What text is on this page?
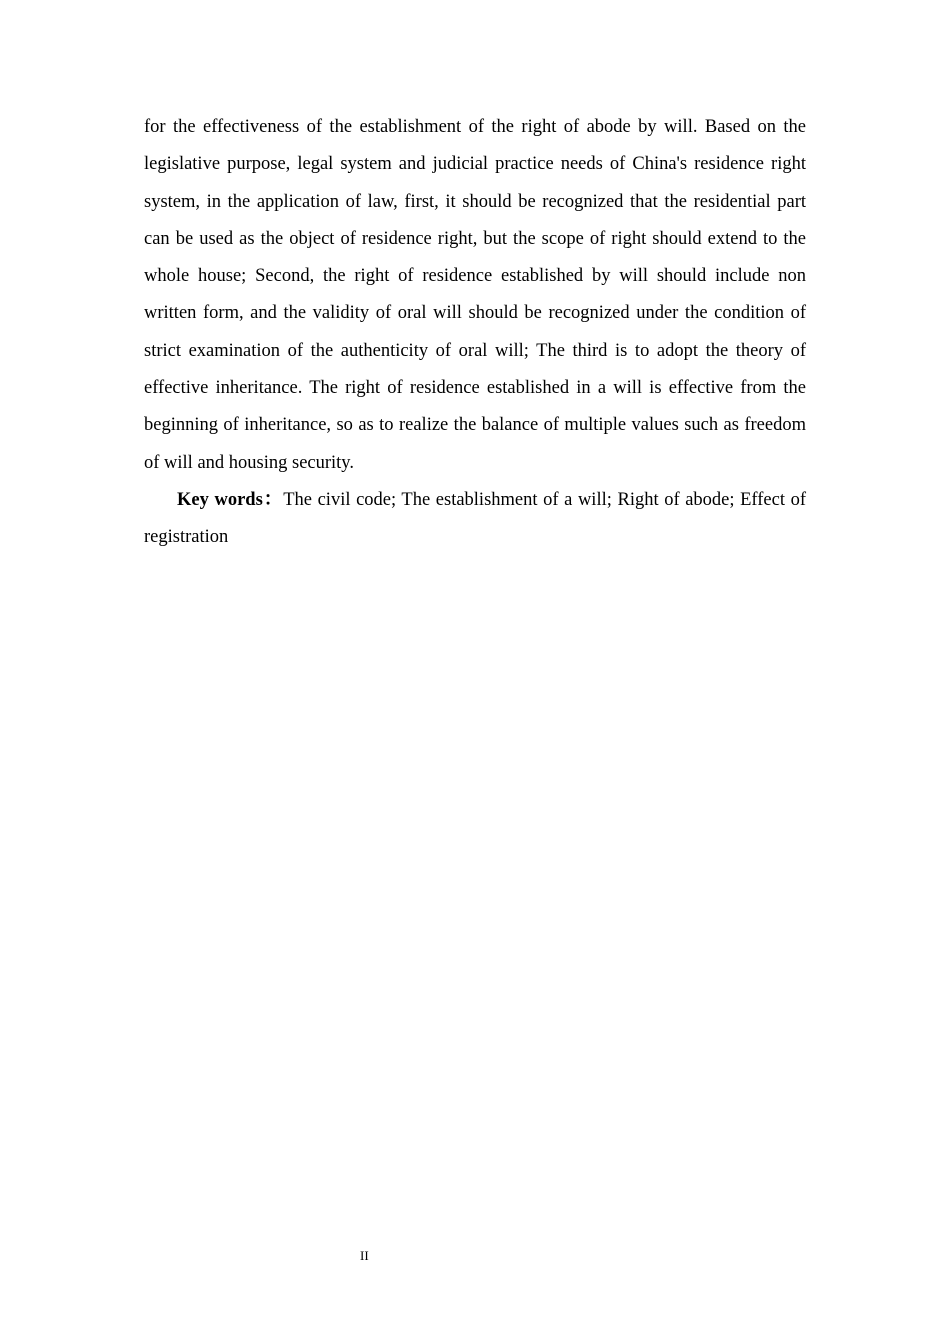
for the effectiveness of the establishment of the right of abode by will. Based on the legislative purpose, legal system and judicial practice needs of China's residence right system, in the application of law, first, it should be recognized that the residential part can be used as the object of residence right, but the scope of right should extend to the whole house; Second, the right of residence established by will should include non written form, and the validity of oral will should be recognized under the condition of strict examination of the authenticity of oral will; The third is to adopt the theory of effective inheritance. The right of residence established in a will is effective from the beginning of inheritance, so as to realize the balance of multiple values such as freedom of will and housing security.

Key words：The civil code; The establishment of a will; Right of abode; Effect of registration

II
